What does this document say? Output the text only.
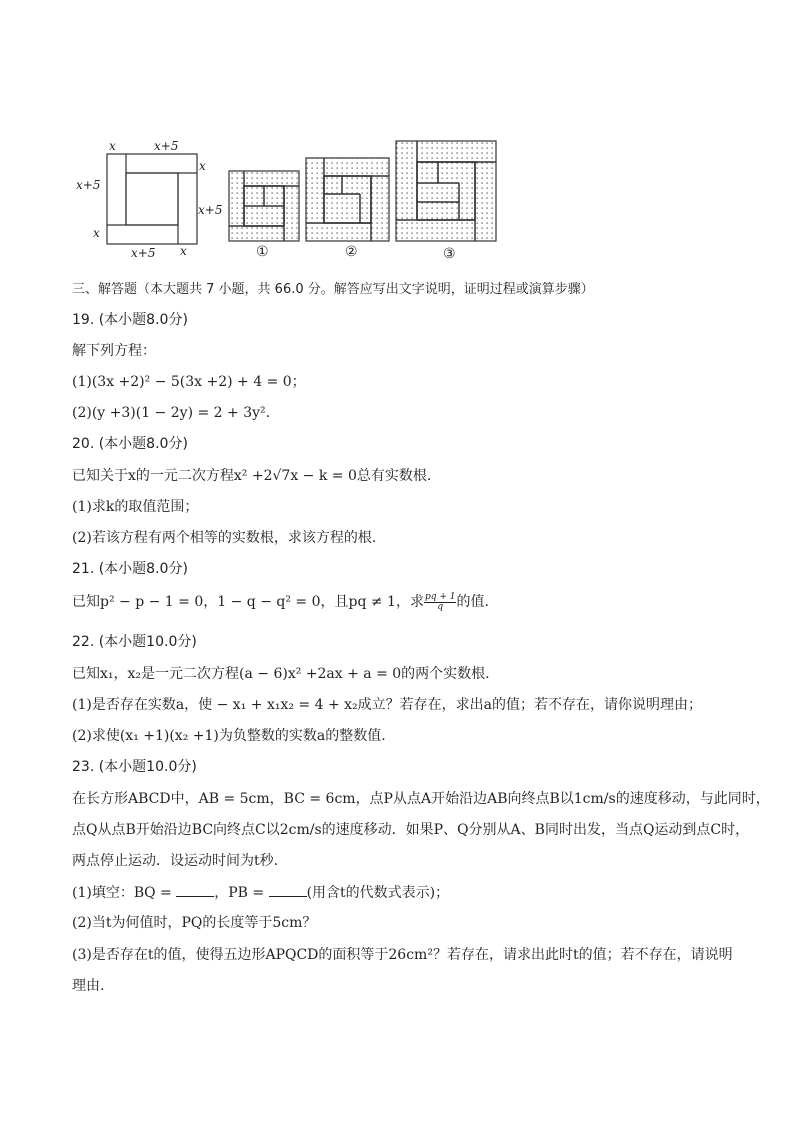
x	x+5
x
x+5
x+5
x
x+5 x	①	②	③
三、解答题（本大题共 7 小题，共 66.0 分。解答应写出文字说明，证明过程或演算步骤）
19. (本小题8.0分)
解下列方程：
(1)(3x +2)² − 5(3x +2) + 4 = 0；
(2)(y +3)(1 − 2y) = 2 + 3y².
20. (本小题8.0分)
已知关于x的一元二次方程x² +2√7x − k = 0总有实数根.
(1)求k的取值范围；
(2)若该方程有两个相等的实数根，求该方程的根.
21. (本小题8.0分)
已知p² − p − 1 = 0，1 − q − q² = 0，且pq ≠ 1，求 $\frac{pq + 1}{q}$ 的值.
22. (本小题10.0分)
已知x₁，x₂是一元二次方程(a − 6)x² +2ax + a = 0的两个实数根.
(1)是否存在实数a，使 − x₁ + x₁x₂ = 4 + x₂成立？若存在，求出a的值；若不存在，请你说明理由；
(2)求使(x₁ +1)(x₂ +1)为负整数的实数a的整数值.
23. (本小题10.0分)
在长方形ABCD中，AB = 5cm，BC = 6cm，点P从点A开始沿边AB向终点B以1cm/s的速度移动，与此同时，
点Q从点B开始沿边BC向终点C以2cm/s的速度移动．如果P、Q分别从A、B同时出发，当点Q运动到点C时，
两点停止运动．设运动时间为t秒.
(1)填空：BQ =	，PB =	(用含t的代数式表示)；
(2)当t为何值时，PQ的长度等于5cm？
(3)是否存在t的值，使得五边形APQCD的面积等于26cm²？若存在，请求出此时t的值；若不存在，请说明
理由.
